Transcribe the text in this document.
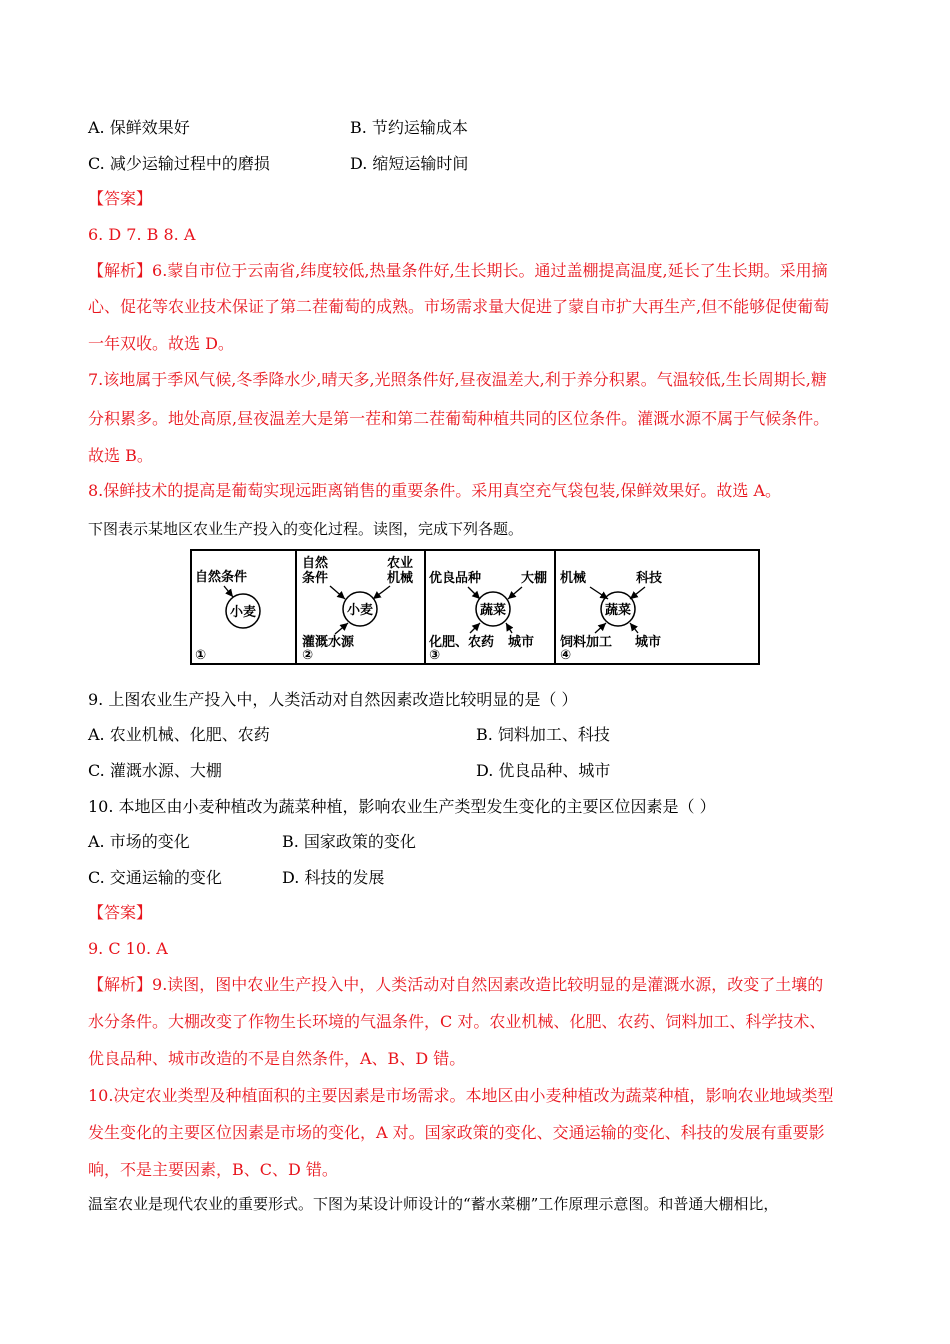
A. 保鲜效果好	B. 节约运输成本
C. 减少运输过程中的磨损	D. 缩短运输时间
【答案】
6. D 7. B 8. A
【解析】6.蒙自市位于云南省,纬度较低,热量条件好,生长期长。通过盖棚提高温度,延长了生长期。采用摘
心、促花等农业技术保证了第二茬葡萄的成熟。市场需求量大促进了蒙自市扩大再生产,但不能够促使葡萄
一年双收。故选 D。
7.该地属于季风气候,冬季降水少,晴天多,光照条件好,昼夜温差大,利于养分积累。气温较低,生长周期长,糖
分积累多。地处高原,昼夜温差大是第一茬和第二茬葡萄种植共同的区位条件。灌溉水源不属于气候条件。
故选 B。
8.保鲜技术的提高是葡萄实现远距离销售的重要条件。采用真空充气袋包装,保鲜效果好。故选 A。
下图表示某地区农业生产投入的变化过程。读图，完成下列各题。
自然条件
小麦
①
自然
条件
农业
机械
小麦
灌溉水源
②
优良品种	大棚
蔬菜
化肥、农药 城市
③
机械	科技
蔬菜
饲料加工 城市
④
9. 上图农业生产投入中，人类活动对自然因素改造比较明显的是（ ）
A. 农业机械、化肥、农药	B. 饲料加工、科技
C. 灌溉水源、大棚	D. 优良品种、城市
10. 本地区由小麦种植改为蔬菜种植，影响农业生产类型发生变化的主要区位因素是（ ）
A. 市场的变化	B. 国家政策的变化
C. 交通运输的变化	D. 科技的发展
【答案】
9. C 10. A
【解析】9.读图，图中农业生产投入中，人类活动对自然因素改造比较明显的是灌溉水源，改变了土壤的
水分条件。大棚改变了作物生长环境的气温条件，C 对。农业机械、化肥、农药、饲料加工、科学技术、
优良品种、城市改造的不是自然条件，A、B、D 错。
10.决定农业类型及种植面积的主要因素是市场需求。本地区由小麦种植改为蔬菜种植，影响农业地域类型
发生变化的主要区位因素是市场的变化，A 对。国家政策的变化、交通运输的变化、科技的发展有重要影
响，不是主要因素，B、C、D 错。
温室农业是现代农业的重要形式。下图为某设计师设计的“蓄水菜棚”工作原理示意图。和普通大棚相比，
